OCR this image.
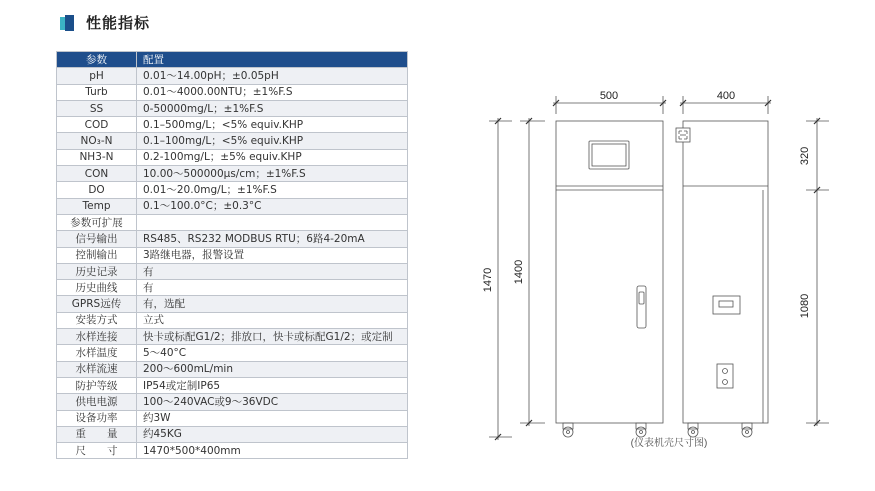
性能指标
参数	配置
pH	0.01～14.00pH；±0.05pH
Turb	0.01～4000.00NTU；±1%F.S
SS	0-50000mg/L；±1%F.S
COD	0.1–500mg/L；<5% equiv.KHP
NO₃-N	0.1–100mg/L；<5% equiv.KHP
NH3-N	0.2-100mg/L；±5% equiv.KHP
CON	10.00～500000μs/cm；±1%F.S
DO	0.01～20.0mg/L；±1%F.S
Temp	0.1～100.0°C；±0.3°C
参数可扩展	
信号输出	RS485、RS232 MODBUS RTU；6路4-20mA
控制输出	3路继电器，报警设置
历史记录	有
历史曲线	有
GPRS远传	有，选配
安装方式	立式
水样连接	快卡或标配G1/2；排放口，快卡或标配G1/2；或定制
水样温度	5～40°C
水样流速	200～600mL/min
防护等级	IP54或定制IP65
供电电源	100～240VAC或9～36VDC
设备功率	约3W
重　　量	约45KG
尺　　寸	1470*500*400mm
500	400
1470 1400
320
1080
(仪表机壳尺寸图)
